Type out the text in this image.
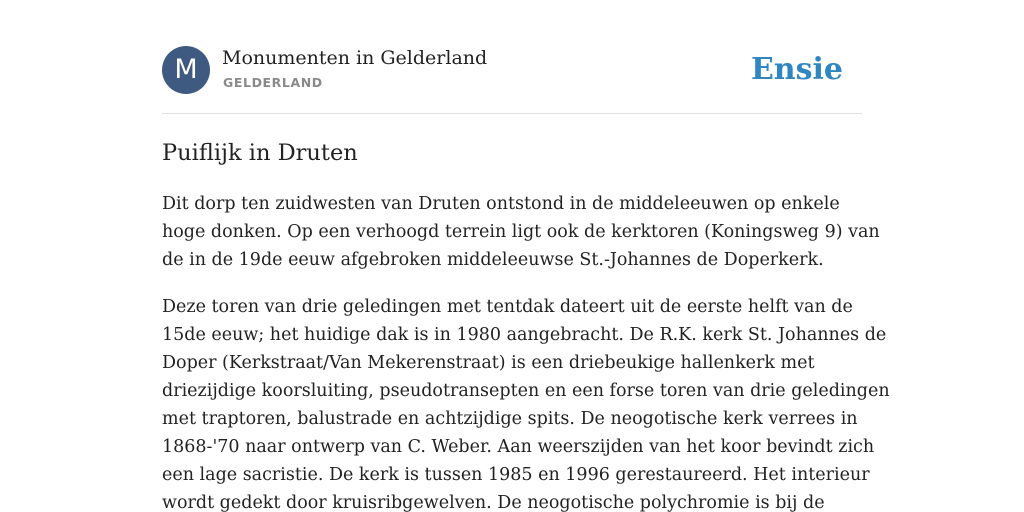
M	Monumenten in Gelderland
GELDERLAND	Ensie
Puiflijk in Druten

Dit dorp ten zuidwesten van Druten ontstond in de middeleeuwen op enkele
hoge donken. Op een verhoogd terrein ligt ook de kerktoren (Koningsweg 9) van
de in de 19de eeuw afgebroken middeleeuwse St.-Johannes de Doperkerk.

Deze toren van drie geledingen met tentdak dateert uit de eerste helft van de
15de eeuw; het huidige dak is in 1980 aangebracht. De R.K. kerk St. Johannes de
Doper (Kerkstraat/Van Mekerenstraat) is een driebeukige hallenkerk met
driezijdige koorsluiting, pseudotransepten en een forse toren van drie geledingen
met traptoren, balustrade en achtzijdige spits. De neogotische kerk verrees in
1868-'70 naar ontwerp van C. Weber. Aan weerszijden van het koor bevindt zich
een lage sacristie. De kerk is tussen 1985 en 1996 gerestaureerd. Het interieur
wordt gedekt door kruisribgewelven. De neogotische polychromie is bij de
